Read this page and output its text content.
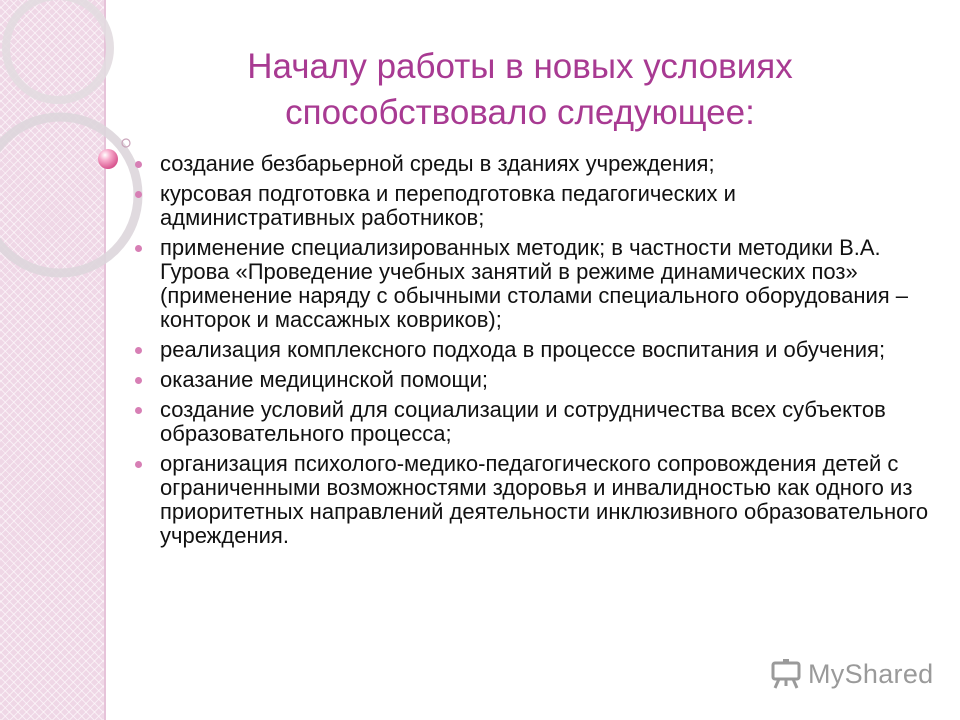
Началу работы в новых условиях
способствовало следующее:
создание безбарьерной среды в зданиях учреждения;
курсовая подготовка и переподготовка педагогических и административных работников;
применение специализированных методик; в частности методики В.А. Гурова «Проведение учебных занятий в режиме динамических поз» (применение наряду с обычными столами специального оборудования – конторок и массажных ковриков);
реализация комплексного подхода в процессе воспитания и обучения;
оказание медицинской помощи;
создание условий для социализации и сотрудничества всех субъектов образовательного процесса;
организация психолого-медико-педагогического сопровождения детей с ограниченными возможностями здоровья и инвалидностью как одного из приоритетных направлений деятельности инклюзивного образовательного учреждения.
MyShared
